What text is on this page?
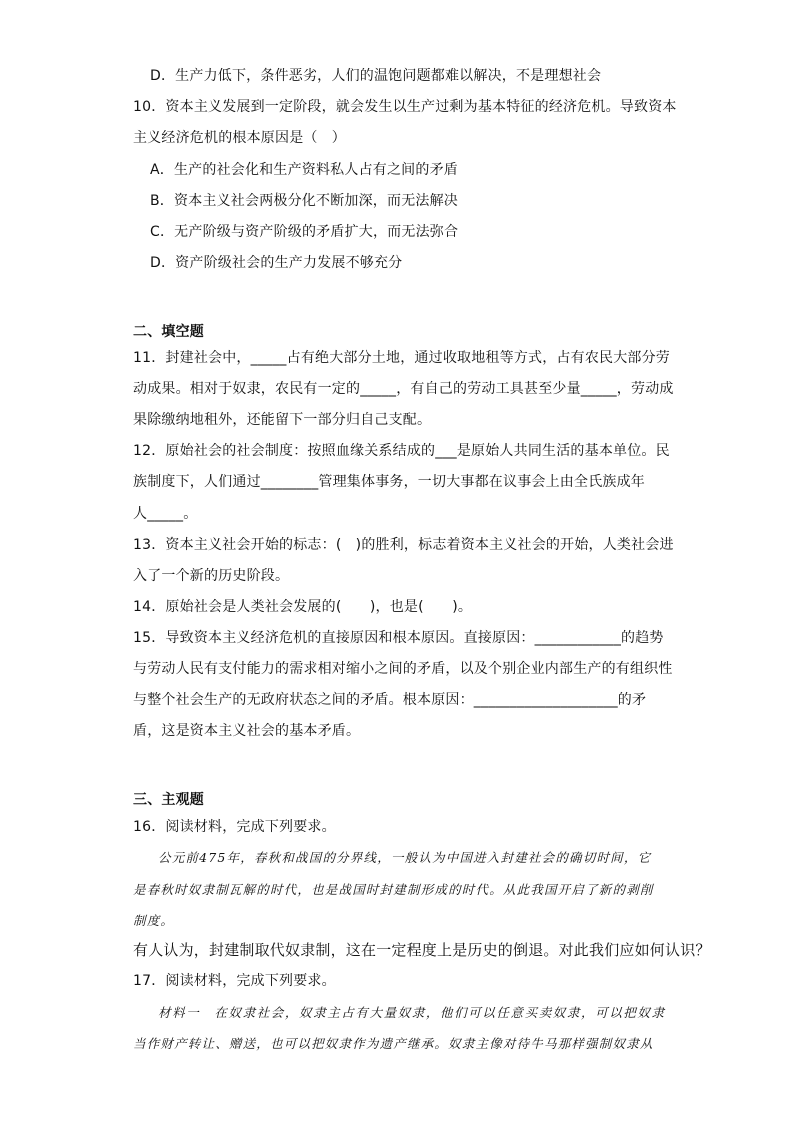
D．生产力低下，条件恶劣，人们的温饱问题都难以解决，不是理想社会
10．资本主义发展到一定阶段，就会发生以生产过剩为基本特征的经济危机。导致资本
主义经济危机的根本原因是（　）
A．生产的社会化和生产资料私人占有之间的矛盾
B．资本主义社会两极分化不断加深，而无法解决
C．无产阶级与资产阶级的矛盾扩大，而无法弥合
D．资产阶级社会的生产力发展不够充分
二、填空题
11．封建社会中，_____占有绝大部分土地，通过收取地租等方式，占有农民大部分劳
动成果。相对于奴隶，农民有一定的_____，有自己的劳动工具甚至少量_____，劳动成
果除缴纳地租外，还能留下一部分归自己支配。
12．原始社会的社会制度：按照血缘关系结成的___是原始人共同生活的基本单位。民
族制度下，人们通过________管理集体事务，一切大事都在议事会上由全氏族成年
人_____。
13．资本主义社会开始的标志：(　)的胜利，标志着资本主义社会的开始，人类社会进
入了一个新的历史阶段。
14．原始社会是人类社会发展的(　　)，也是(　　)。
15．导致资本主义经济危机的直接原因和根本原因。直接原因：____________的趋势
与劳动人民有支付能力的需求相对缩小之间的矛盾，以及个别企业内部生产的有组织性
与整个社会生产的无政府状态之间的矛盾。根本原因：____________________的矛
盾，这是资本主义社会的基本矛盾。
三、主观题
16．阅读材料，完成下列要求。
公元前475年，春秋和战国的分界线，一般认为中国进入封建社会的确切时间，它
是春秋时奴隶制瓦解的时代，也是战国时封建制形成的时代。从此我国开启了新的剥削
制度。
有人认为，封建制取代奴隶制，这在一定程度上是历史的倒退。对此我们应如何认识？
17．阅读材料，完成下列要求。
材料一　在奴隶社会，奴隶主占有大量奴隶，他们可以任意买卖奴隶，可以把奴隶
当作财产转让、赠送，也可以把奴隶作为遗产继承。奴隶主像对待牛马那样强制奴隶从
